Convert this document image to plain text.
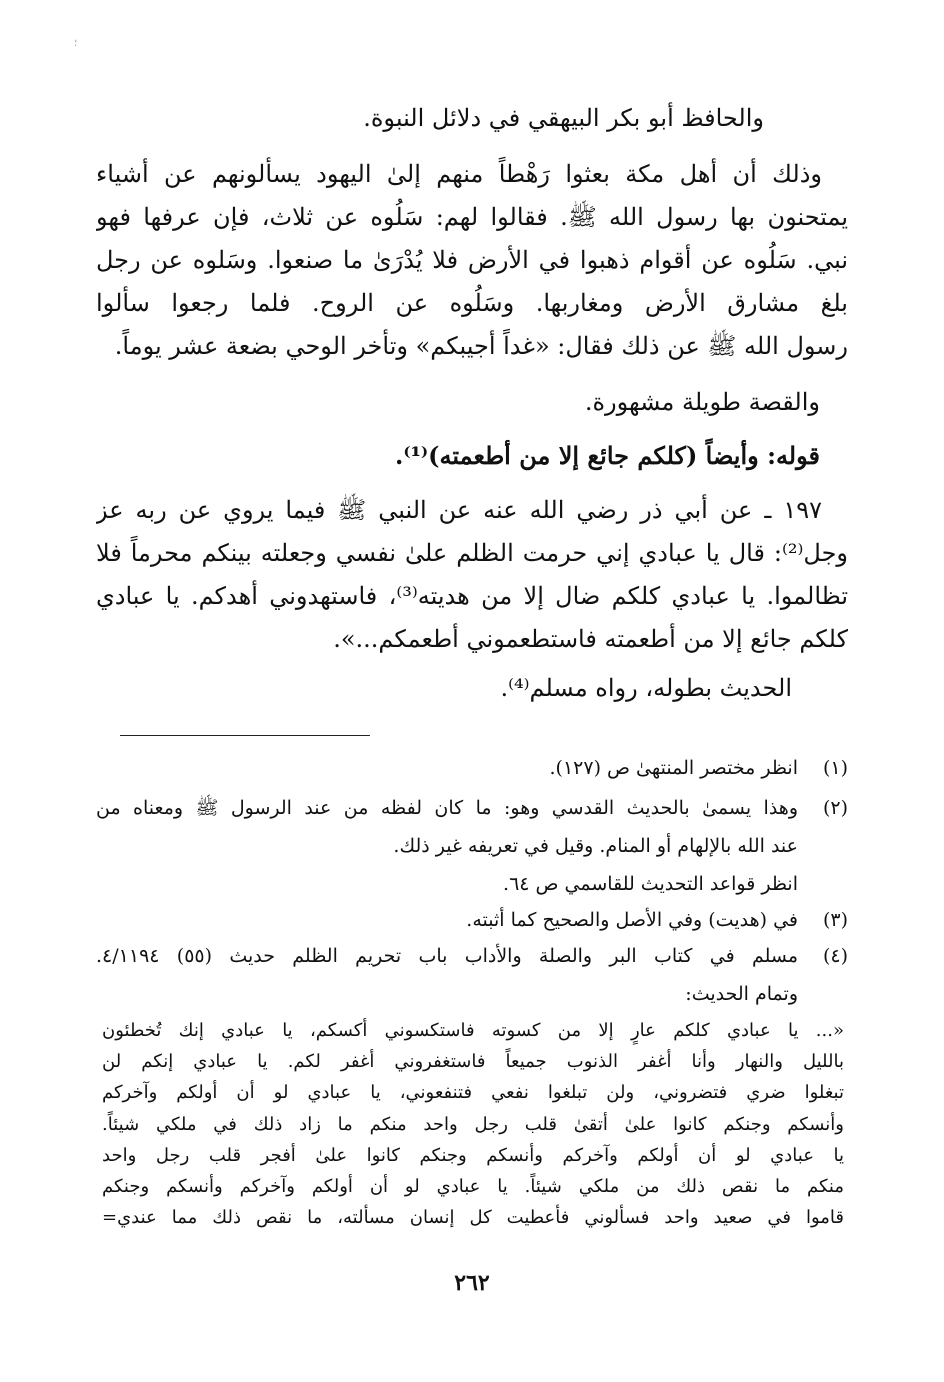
؛
والحافظ أبو بكر البيهقي في دلائل النبوة.
وذلك أن أهل مكة بعثوا رَهْطاً منهم إلىٰ اليهود يسألونهم عن أشياء
يمتحنون بها رسول الله ﷺ. فقالوا لهم: سَلُوه عن ثلاث، فإن عرفها فهو
نبي. سَلُوه عن أقوام ذهبوا في الأرض فلا يُدْرَىٰ ما صنعوا. وسَلوه عن رجل
بلغ مشارق الأرض ومغاربها. وسَلُوه عن الروح. فلما رجعوا سألوا
رسول الله ﷺ عن ذلك فقال: «غداً أجيبكم» وتأخر الوحي بضعة عشر يوماً.
والقصة طويلة مشهورة.
قوله: وأيضاً (كلكم جائع إلا من أطعمته)⁽¹⁾.
١٩٧ ـ عن أبي ذر رضي الله عنه عن النبي ﷺ فيما يروي عن ربه عز
وجل⁽²⁾: قال يا عبادي إني حرمت الظلم علىٰ نفسي وجعلته بينكم محرماً فلا
تظالموا. يا عبادي كلكم ضال إلا من هديته⁽³⁾، فاستهدوني أهدكم. يا عبادي
كلكم جائع إلا من أطعمته فاستطعموني أطعمكم...».
الحديث بطوله، رواه مسلم⁽⁴⁾.
(١)
انظر مختصر المنتهىٰ ص (١٢٧).
(٢)
وهذا يسمىٰ بالحديث القدسي وهو: ما كان لفظه من عند الرسول ﷺ ومعناه من
عند الله بالإلهام أو المنام. وقيل في تعريفه غير ذلك.
انظر قواعد التحديث للقاسمي ص ٦٤.
(٣)
في (هديت) وفي الأصل والصحيح كما أثبته.
(٤)
مسلم في كتاب البر والصلة والأداب باب تحريم الظلم حديث (٥٥) ٤/١١٩٤.
وتمام الحديث:
«... يا عبادي كلكم عارٍ إلا من كسوته فاستكسوني أكسكم، يا عبادي إنك تُخطئون
بالليل والنهار وأنا أغفر الذنوب جميعاً فاستغفروني أغفر لكم. يا عبادي إنكم لن
تبغلوا ضري فتضروني، ولن تبلغوا نفعي فتنفعوني، يا عبادي لو أن أولكم وآخركم
وأنسكم وجنكم كانوا علىٰ أتقىٰ قلب رجل واحد منكم ما زاد ذلك في ملكي شيئاً.
يا عبادي لو أن أولكم وآخركم وأنسكم وجنكم كانوا علىٰ أفجر قلب رجل واحد
منكم ما نقص ذلك من ملكي شيئاً. يا عبادي لو أن أولكم وآخركم وأنسكم وجنكم
قاموا في صعيد واحد فسألوني فأعطيت كل إنسان مسألته، ما نقص ذلك مما عندي=
٢٦٢
